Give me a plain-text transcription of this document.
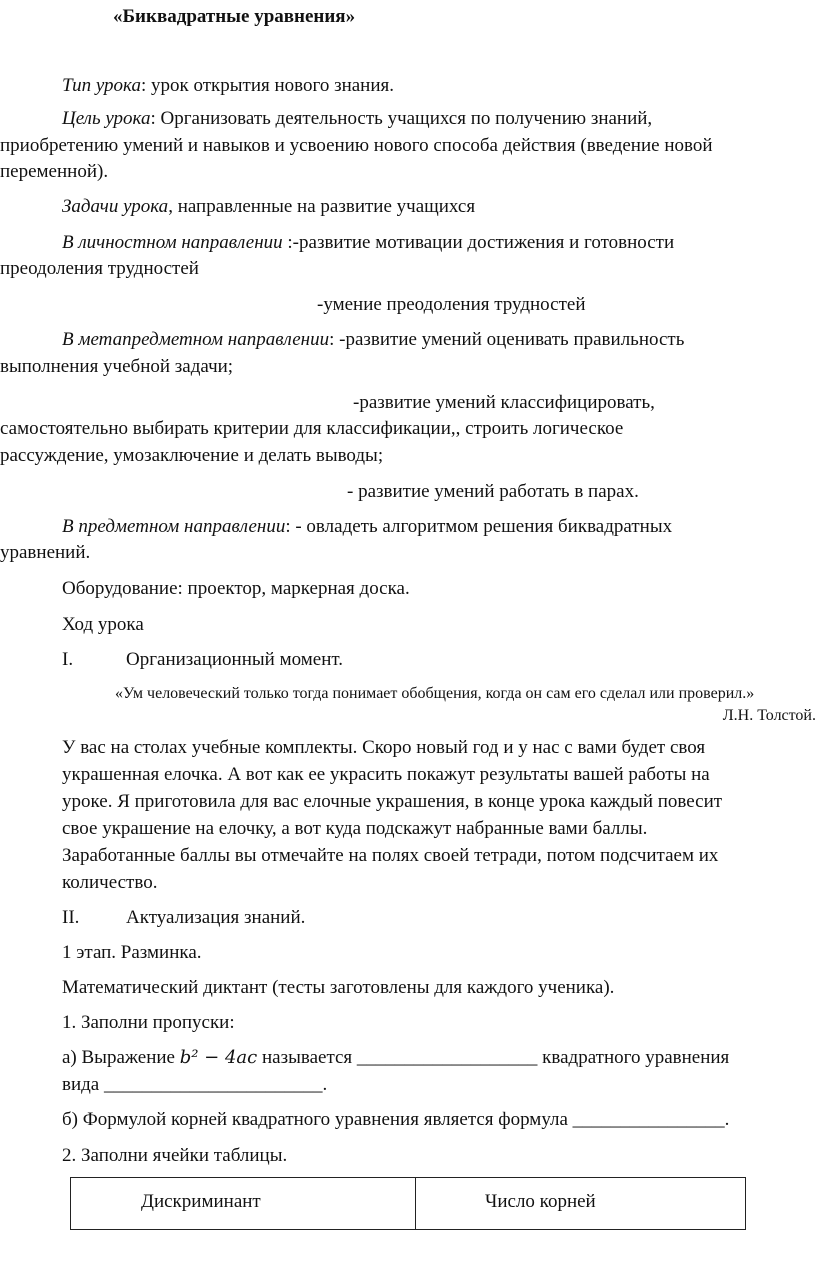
«Биквадратные уравнения»
Тип урока: урок открытия нового знания.
Цель урока: Организовать деятельность учащихся по получению знаний,
приобретению умений и навыков и усвоению нового способа действия (введение новой
переменной).
Задачи урока, направленные на развитие учащихся
В личностном направлении :-развитие мотивации достижения и готовности
преодоления трудностей
-умение преодоления трудностей
В метапредметном направлении: -развитие умений оценивать правильность
выполнения учебной задачи;
-развитие умений классифицировать,
самостоятельно выбирать критерии для классификации,, строить логическое
рассуждение, умозаключение и делать выводы;
- развитие умений работать в парах.
В предметном направлении: - овладеть алгоритмом решения биквадратных
уравнений.
Оборудование: проектор, маркерная доска.
Ход урока
I.	Организационный момент.
«Ум человеческий только тогда понимает обобщения, когда он сам его сделал или проверил.»
Л.Н. Толстой.
У вас на столах учебные комплекты. Скоро новый год и у нас с вами будет своя
украшенная елочка. А вот как ее украсить покажут результаты вашей работы на
уроке. Я приготовила для вас елочные украшения, в конце урока каждый повесит
свое украшение на елочку, а вот куда подскажут набранные вами баллы.
Заработанные баллы вы отмечайте на полях своей тетради, потом подсчитаем их
количество.
II. Актуализация знаний.
1 этап. Разминка.
Математический диктант (тесты заготовлены для каждого ученика).
1. Заполни пропуски:
а) Выражение b² − 4ac называется ___________________ квадратного уравнения
вида _______________________.
б) Формулой корней квадратного уравнения является формула ________________.
2. Заполни ячейки таблицы.
Дискриминант	Число корней
